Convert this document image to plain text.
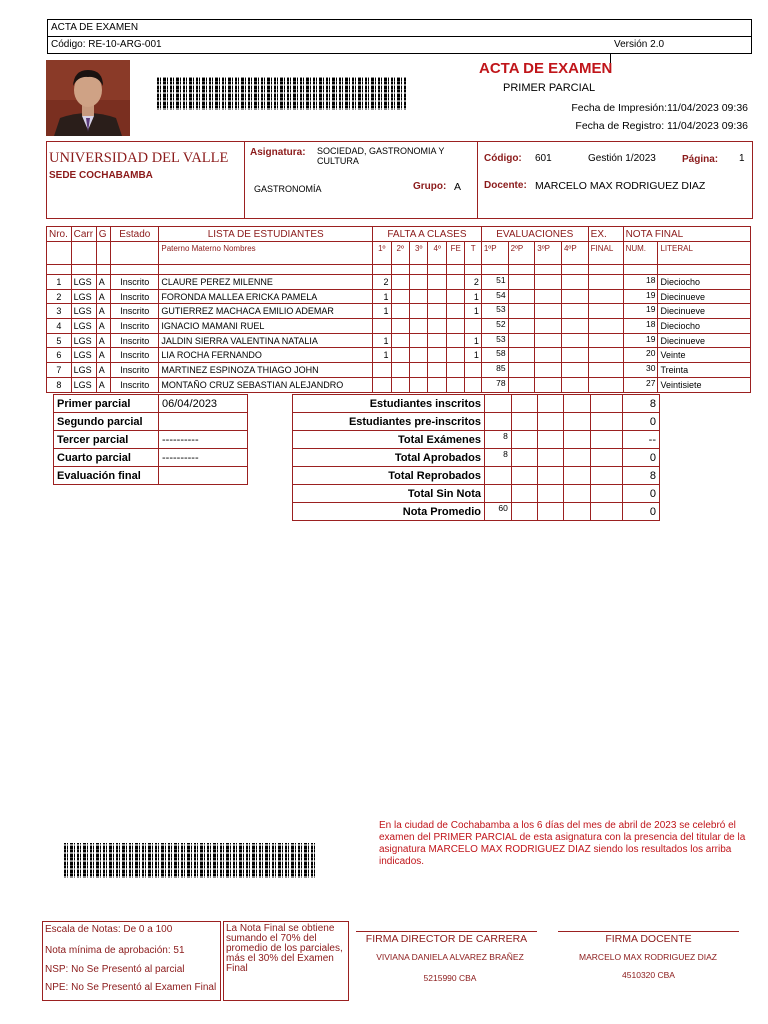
ACTA DE EXAMEN
Código: RE-10-ARG-001	Versión 2.0
ACTA DE EXAMEN
PRIMER PARCIAL
Fecha de Impresión:11/04/2023 09:36
Fecha de Registro: 11/04/2023 09:36
UNIVERSIDAD DEL VALLE
SEDE COCHABAMBA
Asignatura: SOCIEDAD, GASTRONOMIA Y CULTURA
GASTRONOMÍA	Grupo: A
Código: 601	Gestión 1/2023	Página: 1
Docente: MARCELO MAX RODRIGUEZ DIAZ
Nro.	Carr	G	Estado	LISTA DE ESTUDIANTES	FALTA A CLASES						EVALUACIONES				EX.	NOTA FINAL	
				Paterno Materno Nombres	1º	2º	3º	4º	FE	T	1ºP	2ºP	3ºP	4ºP	FINAL	NUM.	LITERAL

1	LGS	A	Inscrito	CLAURE PEREZ MILENNE	2					2	51					18	Dieciocho
2	LGS	A	Inscrito	FORONDA MALLEA ERICKA PAMELA	1					1	54					19	Diecinueve
3	LGS	A	Inscrito	GUTIERREZ MACHACA EMILIO ADEMAR	1					1	53					19	Diecinueve
4	LGS	A	Inscrito	IGNACIO MAMANI RUEL							52					18	Dieciocho
5	LGS	A	Inscrito	JALDIN SIERRA VALENTINA NATALIA	1					1	53					19	Diecinueve
6	LGS	A	Inscrito	LIA ROCHA FERNANDO	1					1	58					20	Veinte
7	LGS	A	Inscrito	MARTINEZ ESPINOZA THIAGO JOHN							85					30	Treinta
8	LGS	A	Inscrito	MONTAÑO CRUZ SEBASTIAN ALEJANDRO							78					27	Veintisiete
Primer parcial	06/04/2023
Segundo parcial	
Tercer parcial	----------
Cuarto parcial	----------
Evaluación final	
Estudiantes inscritos						8
Estudiantes pre-inscritos						0
Total Exámenes	8					--
Total Aprobados	8					0
Total Reprobados						8
Total Sin Nota						0
Nota Promedio	60					0
En la ciudad de Cochabamba a los 6 días del mes de abril de 2023 se celebró el examen del PRIMER PARCIAL de esta asignatura con la presencia del titular de la asignatura MARCELO MAX RODRIGUEZ DIAZ siendo los resultados los arriba indicados.
Escala de Notas: De 0 a 100
Nota mínima de aprobación: 51
NSP: No Se Presentó al parcial
NPE: No Se Presentó al Examen Final
La Nota Final se obtiene sumando el 70% del promedio de los parciales, más el 30% del Examen Final
FIRMA DIRECTOR DE CARRERA
VIVIANA DANIELA ALVAREZ BRAÑEZ
5215990 CBA
FIRMA DOCENTE
MARCELO MAX RODRIGUEZ DIAZ
4510320 CBA
